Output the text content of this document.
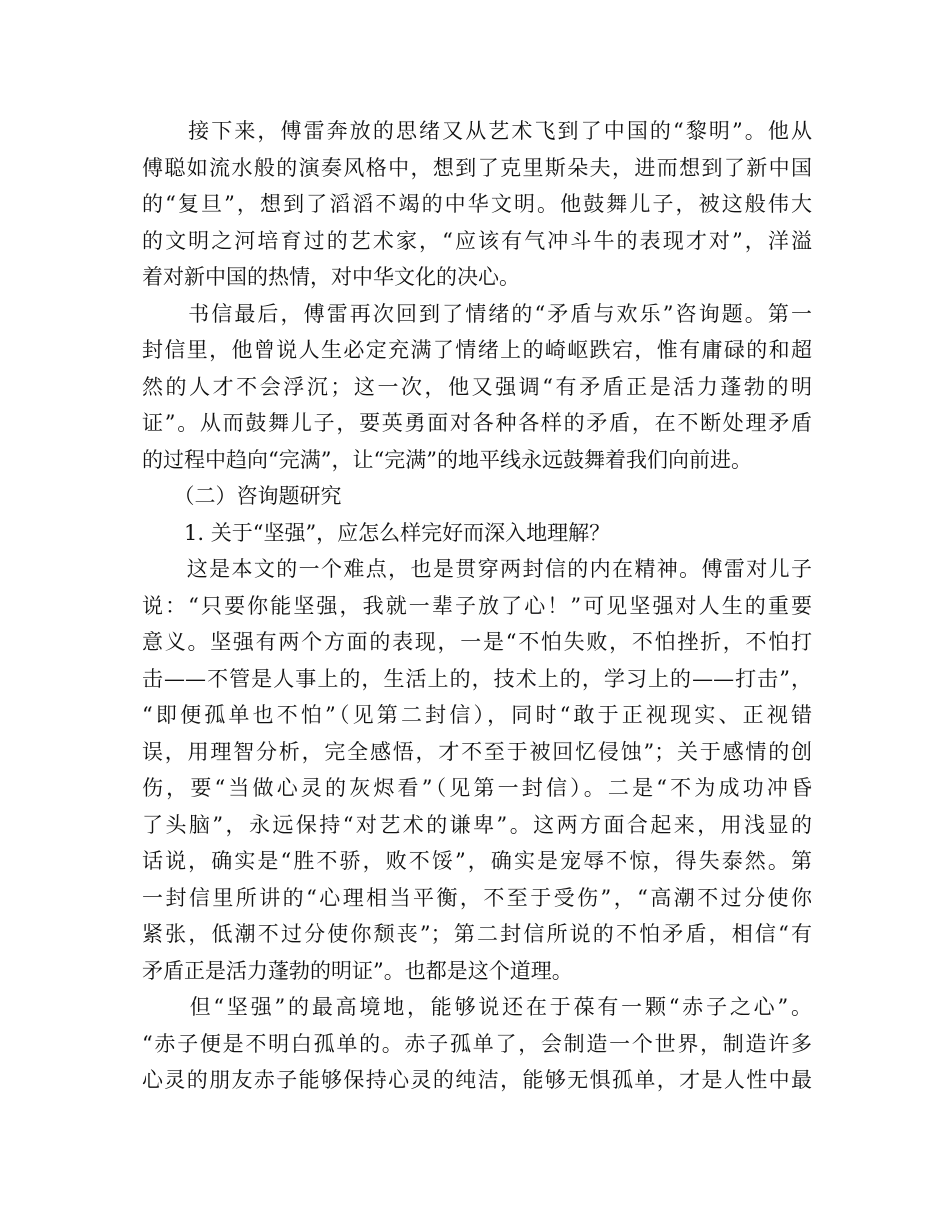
　　接下来，傅雷奔放的思绪又从艺术飞到了中国的“黎明”。他从
傅聪如流水般的演奏风格中，想到了克里斯朵夫，进而想到了新中国
的“复旦”，想到了滔滔不竭的中华文明。他鼓舞儿子，被这般伟大
的文明之河培育过的艺术家，“应该有气冲斗牛的表现才对”，洋溢
着对新中国的热情，对中华文化的决心。
　　书信最后，傅雷再次回到了情绪的“矛盾与欢乐”咨询题。第一
封信里，他曾说人生必定充满了情绪上的崎岖跌宕，惟有庸碌的和超
然的人才不会浮沉；这一次，他又强调“有矛盾正是活力蓬勃的明
证”。从而鼓舞儿子，要英勇面对各种各样的矛盾，在不断处理矛盾
的过程中趋向“完满”，让“完满”的地平线永远鼓舞着我们向前进。
　　（二）咨询题研究
　　1. 关于“坚强”，应怎么样完好而深入地理解？
　　这是本文的一个难点，也是贯穿两封信的内在精神。傅雷对儿子
说：“只要你能坚强，我就一辈子放了心！”可见坚强对人生的重要
意义。坚强有两个方面的表现，一是“不怕失败，不怕挫折，不怕打
击——不管是人事上的，生活上的，技术上的，学习上的——打击”，
“即便孤单也不怕”（见第二封信），同时“敢于正视现实、正视错
误，用理智分析，完全感悟，才不至于被回忆侵蚀”；关于感情的创
伤，要“当做心灵的灰烬看”（见第一封信）。二是“不为成功冲昏
了头脑”，永远保持“对艺术的谦卑”。这两方面合起来，用浅显的
话说，确实是“胜不骄，败不馁”，确实是宠辱不惊，得失泰然。第
一封信里所讲的“心理相当平衡，不至于受伤”，“高潮不过分使你
紧张，低潮不过分使你颓丧”；第二封信所说的不怕矛盾，相信“有
矛盾正是活力蓬勃的明证”。也都是这个道理。
　　但“坚强”的最高境地，能够说还在于葆有一颗“赤子之心”。
“赤子便是不明白孤单的。赤子孤单了，会制造一个世界，制造许多
心灵的朋友赤子能够保持心灵的纯洁，能够无惧孤单，才是人性中最
